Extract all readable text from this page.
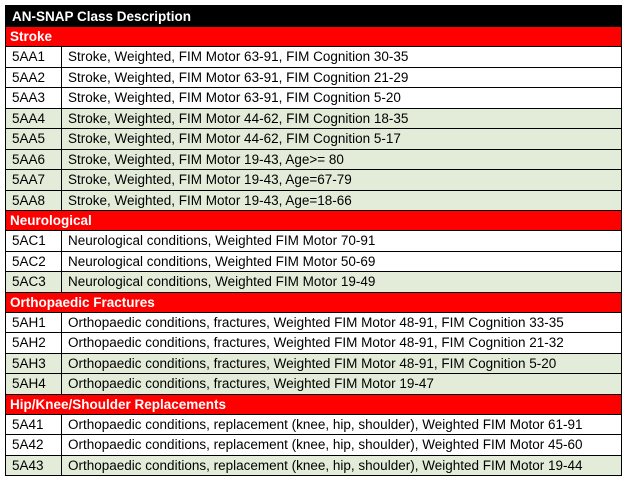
AN-SNAP Class Description	
Stroke	
5AA1	Stroke, Weighted, FIM Motor 63-91, FIM Cognition 30-35
5AA2	Stroke, Weighted, FIM Motor 63-91, FIM Cognition 21-29
5AA3	Stroke, Weighted, FIM Motor 63-91, FIM Cognition 5-20
5AA4	Stroke, Weighted, FIM Motor 44-62, FIM Cognition 18-35
5AA5	Stroke, Weighted, FIM Motor 44-62, FIM Cognition 5-17
5AA6	Stroke, Weighted, FIM Motor 19-43, Age>= 80
5AA7	Stroke, Weighted, FIM Motor 19-43, Age=67-79
5AA8	Stroke, Weighted, FIM Motor 19-43, Age=18-66
Neurological	
5AC1	Neurological conditions, Weighted FIM Motor 70-91
5AC2	Neurological conditions, Weighted FIM Motor 50-69
5AC3	Neurological conditions, Weighted FIM Motor 19-49
Orthopaedic Fractures	
5AH1	Orthopaedic conditions, fractures, Weighted FIM Motor 48-91, FIM Cognition 33-35
5AH2	Orthopaedic conditions, fractures, Weighted FIM Motor 48-91, FIM Cognition 21-32
5AH3	Orthopaedic conditions, fractures, Weighted FIM Motor 48-91, FIM Cognition 5-20
5AH4	Orthopaedic conditions, fractures, Weighted FIM Motor 19-47
Hip/Knee/Shoulder Replacements	
5A41	Orthopaedic conditions, replacement (knee, hip, shoulder), Weighted FIM Motor 61-91
5A42	Orthopaedic conditions, replacement (knee, hip, shoulder), Weighted FIM Motor 45-60
5A43	Orthopaedic conditions, replacement (knee, hip, shoulder), Weighted FIM Motor 19-44
